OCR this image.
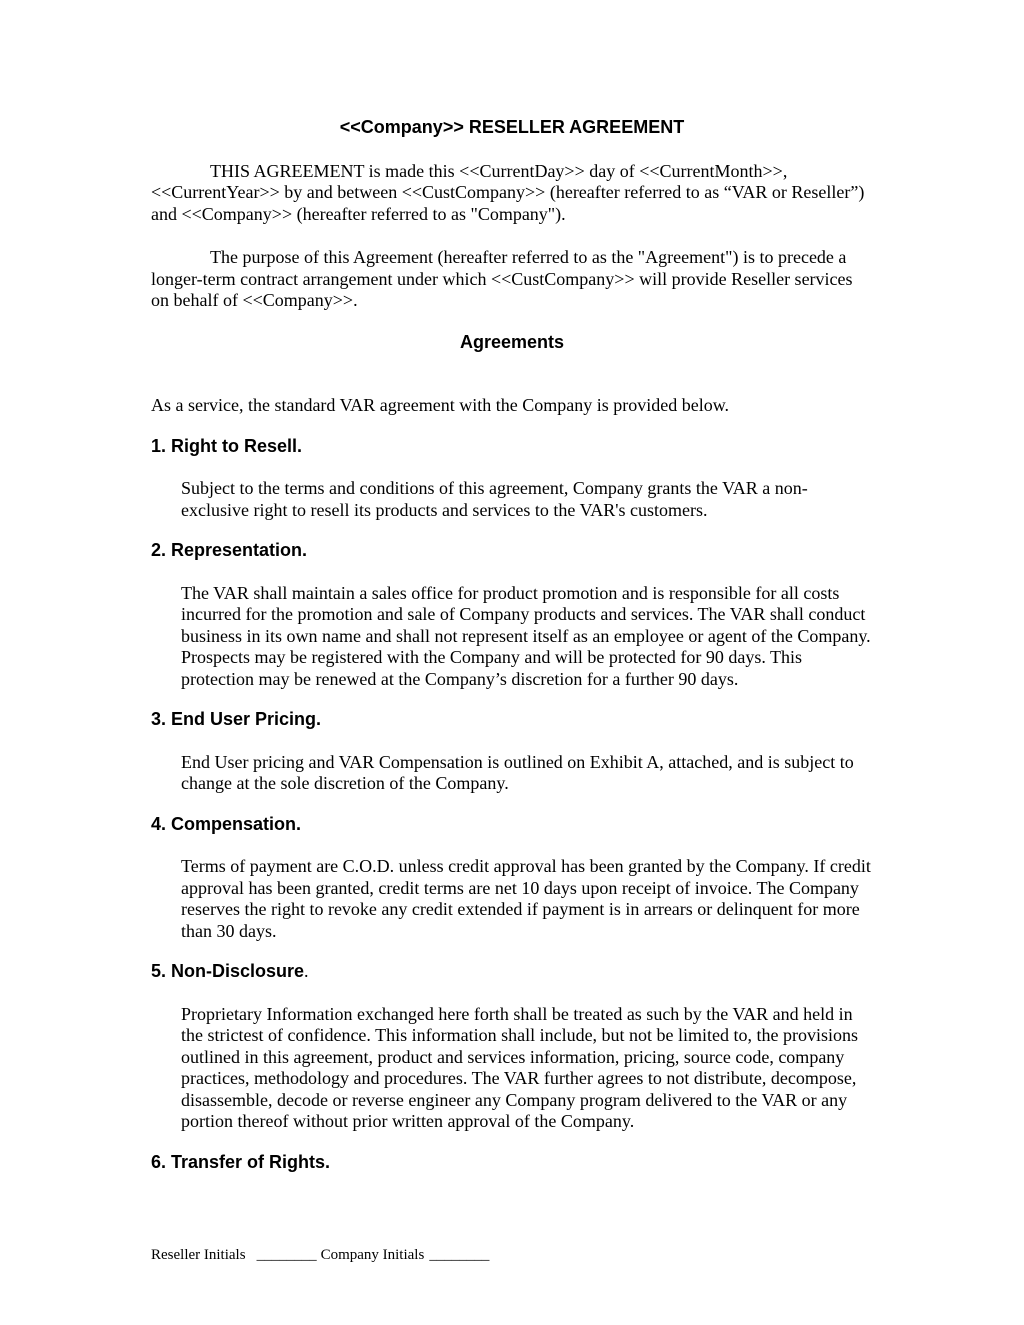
<<Company>> RESELLER AGREEMENT

THIS AGREEMENT is made this <<CurrentDay>> day of <<CurrentMonth>>, <<CurrentYear>> by and between <<CustCompany>> (hereafter referred to as “VAR or Reseller”) and <<Company>> (hereafter referred to as "Company").

The purpose of this Agreement (hereafter referred to as the "Agreement") is to precede a longer-term contract arrangement under which <<CustCompany>> will provide Reseller services on behalf of <<Company>>.

Agreements

As a service, the standard VAR agreement with the Company is provided below.

1. Right to Resell.

Subject to the terms and conditions of this agreement, Company grants the VAR a non-exclusive right to resell its products and services to the VAR's customers.

2. Representation.

The VAR shall maintain a sales office for product promotion and is responsible for all costs incurred for the promotion and sale of Company products and services. The VAR shall conduct business in its own name and shall not represent itself as an employee or agent of the Company. Prospects may be registered with the Company and will be protected for 90 days. This protection may be renewed at the Company’s discretion for a further 90 days.

3. End User Pricing.

End User pricing and VAR Compensation is outlined on Exhibit A, attached, and is subject to change at the sole discretion of the Company.

4. Compensation.

Terms of payment are C.O.D. unless credit approval has been granted by the Company. If credit approval has been granted, credit terms are net 10 days upon receipt of invoice. The Company reserves the right to revoke any credit extended if payment is in arrears or delinquent for more than 30 days.

5. Non-Disclosure.

Proprietary Information exchanged here forth shall be treated as such by the VAR and held in the strictest of confidence. This information shall include, but not be limited to, the provisions outlined in this agreement, product and services information, pricing, source code, company practices, methodology and procedures. The VAR further agrees to not distribute, decompose, disassemble, decode or reverse engineer any Company program delivered to the VAR or any portion thereof without prior written approval of the Company.

6. Transfer of Rights.
Reseller Initials ________ Company Initials ________
